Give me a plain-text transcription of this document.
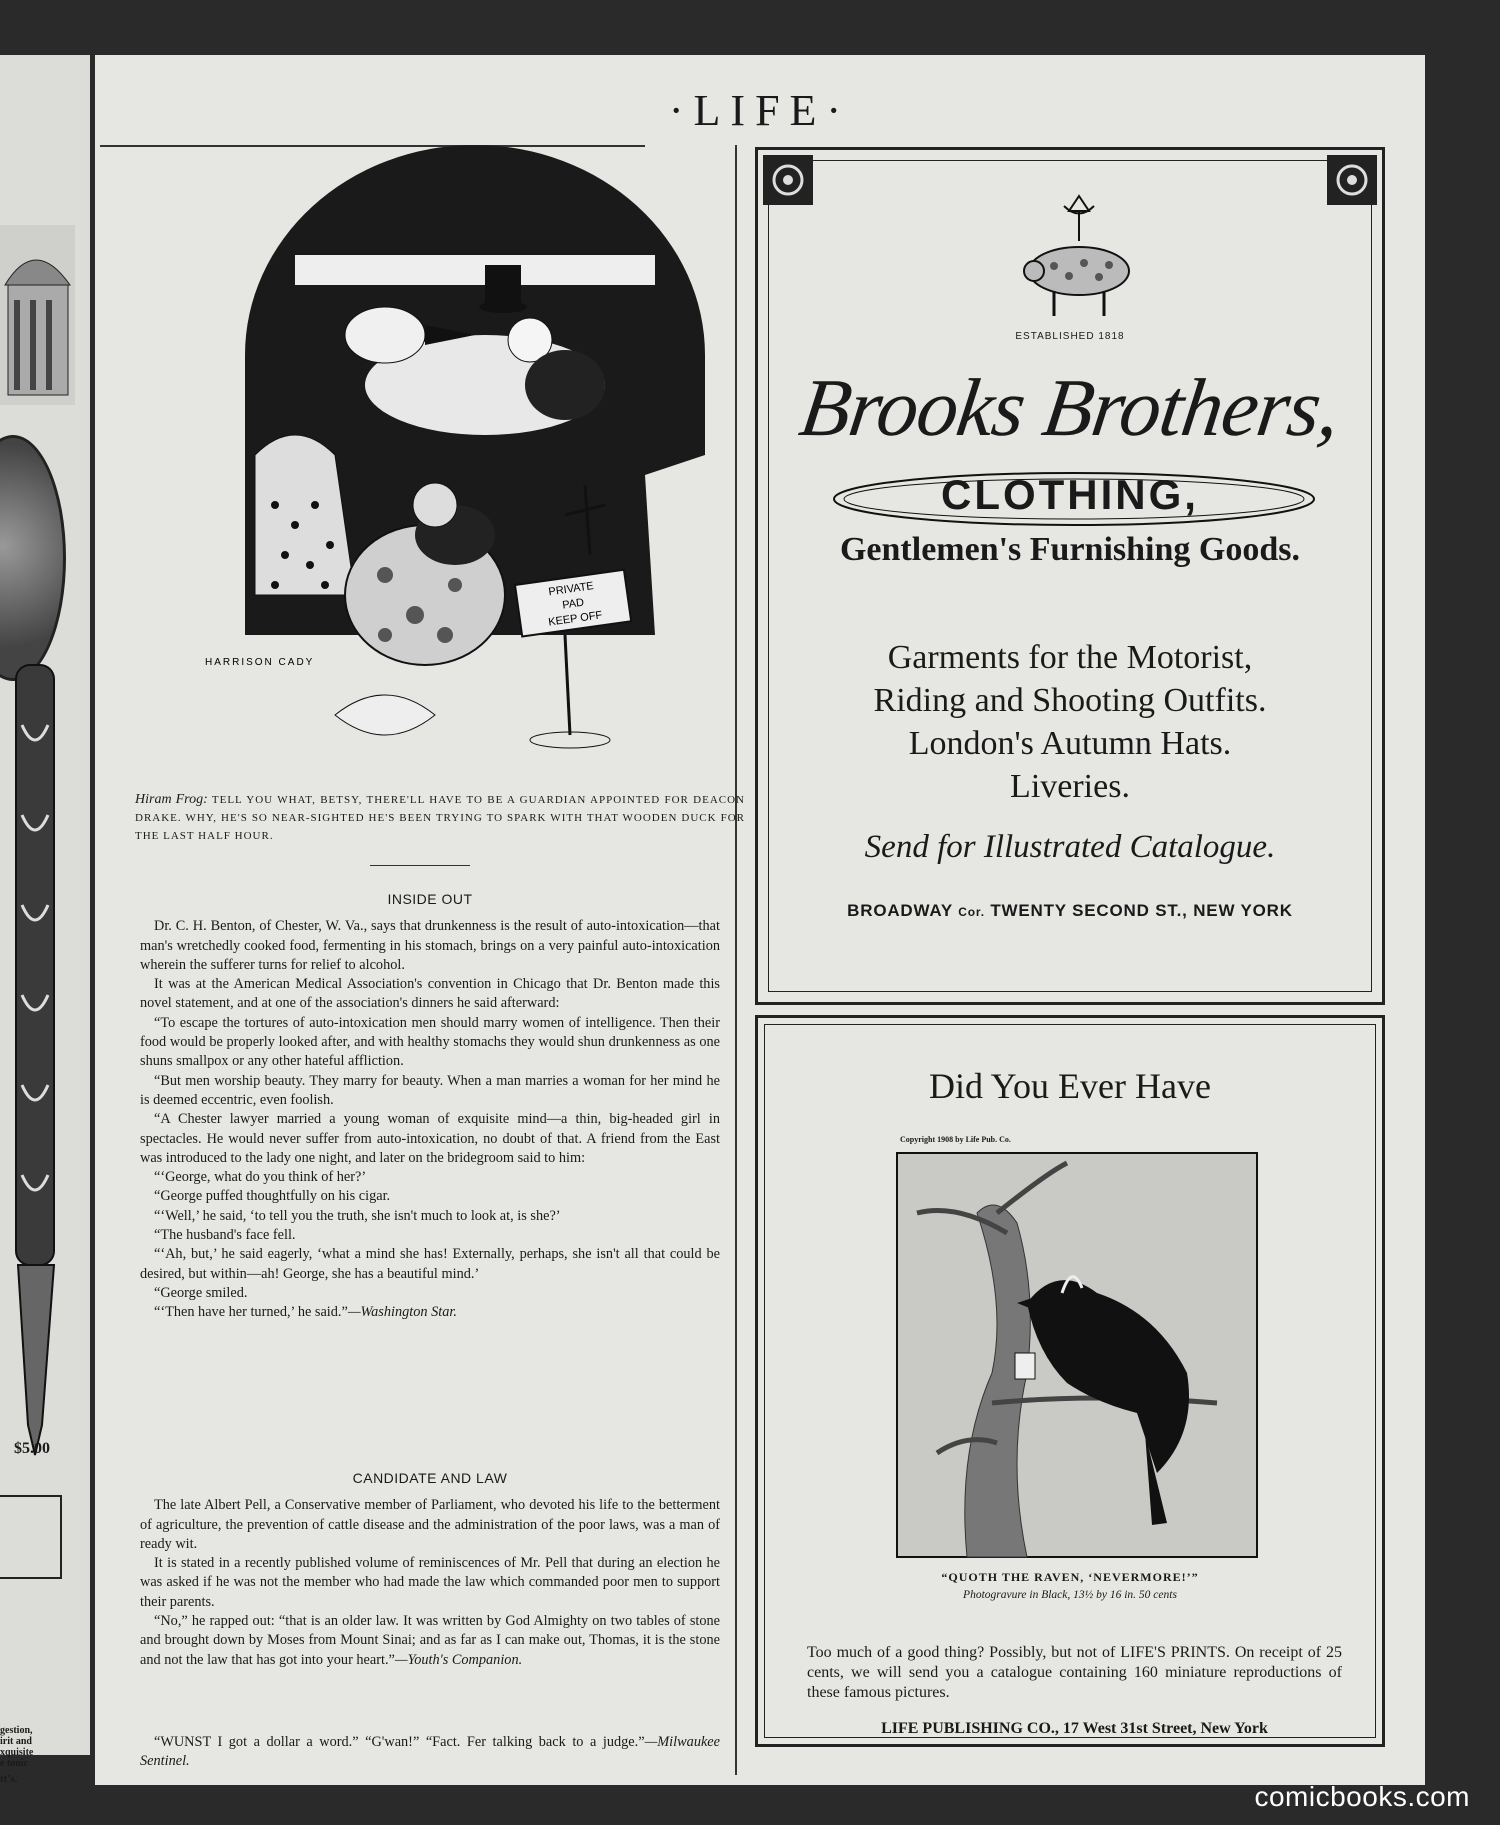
$5.00
gestion,
irit and
xquisite
e tonic
tt's.
·LIFE·
PRIVATE
PAD
KEEP OFF
HARRISON CADY
Hiram Frog: TELL YOU WHAT, BETSY, THERE'LL HAVE TO BE A GUARDIAN APPOINTED FOR DEACON DRAKE. WHY, HE'S SO NEAR-SIGHTED HE'S BEEN TRYING TO SPARK WITH THAT WOODEN DUCK FOR THE LAST HALF HOUR.
INSIDE OUT

Dr. C. H. Benton, of Chester, W. Va., says that drunkenness is the result of auto-intoxication—that man's wretchedly cooked food, fermenting in his stomach, brings on a very painful auto-intoxication wherein the sufferer turns for relief to alcohol.

It was at the American Medical Association's convention in Chicago that Dr. Benton made this novel statement, and at one of the association's dinners he said afterward:

“To escape the tortures of auto-intoxication men should marry women of intelligence. Then their food would be properly looked after, and with healthy stomachs they would shun drunkenness as one shuns smallpox or any other hateful affliction.

“But men worship beauty. They marry for beauty. When a man marries a woman for her mind he is deemed eccentric, even foolish.

“A Chester lawyer married a young woman of exquisite mind—a thin, big-headed girl in spectacles. He would never suffer from auto-intoxication, no doubt of that. A friend from the East was introduced to the lady one night, and later on the bridegroom said to him:

“‘George, what do you think of her?’

“George puffed thoughtfully on his cigar.

“‘Well,’ he said, ‘to tell you the truth, she isn't much to look at, is she?’

“The husband's face fell.

“‘Ah, but,’ he said eagerly, ‘what a mind she has! Externally, perhaps, she isn't all that could be desired, but within—ah! George, she has a beautiful mind.’

“George smiled.

“‘Then have her turned,’ he said.”—Washington Star.

CANDIDATE AND LAW

The late Albert Pell, a Conservative member of Parliament, who devoted his life to the betterment of agriculture, the prevention of cattle disease and the administration of the poor laws, was a man of ready wit.

It is stated in a recently published volume of reminiscences of Mr. Pell that during an election he was asked if he was not the member who had made the law which commanded poor men to support their parents.

“No,” he rapped out: “that is an older law. It was written by God Almighty on two tables of stone and brought down by Moses from Mount Sinai; and as far as I can make out, Thomas, it is the stone and not the law that has got into your heart.”—Youth's Companion.

“WUNST I got a dollar a word.” “G'wan!” “Fact. Fer talking back to a judge.”—Milwaukee Sentinel.

ESTABLISHED 1818
Brooks Brothers,
CLOTHING,
Gentlemen's Furnishing Goods.
Garments for the Motorist,
Riding and Shooting Outfits.
London's Autumn Hats.
Liveries.
Send for Illustrated Catalogue.
BROADWAY Cor. TWENTY SECOND ST., NEW YORK
Did You Ever Have
Copyright 1908 by Life Pub. Co.
“QUOTH THE RAVEN, ‘NEVERMORE!’”
Photogravure in Black, 13½ by 16 in. 50 cents
Too much of a good thing? Possibly, but not of LIFE'S PRINTS. On receipt of 25 cents, we will send you a catalogue containing 160 miniature reproductions of these famous pictures.
LIFE PUBLISHING CO., 17 West 31st Street, New York
comicbooks.com
